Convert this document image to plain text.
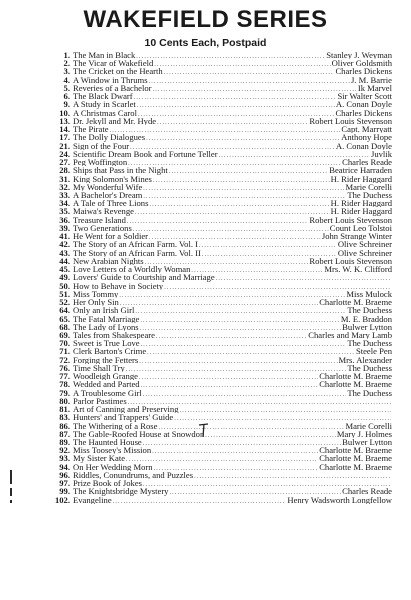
WAKEFIELD SERIES
10 Cents Each, Postpaid
1. The Man in Black .....	Stanley J. Weyman
2. The Vicar of Wakefield .....	Oliver Goldsmith
3. The Cricket on the Hearth .....	Charles Dickens
4. A Window in Thrums .....	J. M. Barrie
5. Reveries of a Bachelor .....	Ik Marvel
6. The Black Dwarf .....	Sir Walter Scott
9. A Study in Scarlet .....	A. Conan Doyle
10. A Christmas Carol .....	Charles Dickens
13. Dr. Jekyll and Mr. Hyde .....	Robert Louis Stevenson
14. The Pirate .....	Capt. Marryatt
17. The Dolly Dialogues .....	Anthony Hope
21. Sign of the Four .....	A. Conan Doyle
24. Scientific Dream Book and Fortune Teller .....	Juvlik
27. Peg Woffington .....	Charles Reade
28. Ships that Pass in the Night .....	Beatrice Harraden
31. King Solomon's Mines .....	H. Rider Haggard
32. My Wonderful Wife .....	Marie Corelli
33. A Bachelor's Dream .....	The Duchess
34. A Tale of Three Lions .....	H. Rider Haggard
35. Maiwa's Revenge .....	H. Rider Haggard
36. Treasure Island .....	Robert Louis Stevenson
39. Two Generations .....	Count Leo Tolstoi
41. He Went for a Soldier .....	John Strange Winter
42. The Story of an African Farm. Vol. I .....	Olive Schreiner
43. The Story of an African Farm. Vol. II .....	Olive Schreiner
44. New Arabian Nights .....	Robert Louis Stevenson
45. Love Letters of a Worldly Woman .....	Mrs. W. K. Clifford
49. Lovers' Guide to Courtship and Marriage
.....
50. How to Behave in Society
.....
51. Miss Tommy .....	Miss Mulock
52. Her Only Sin .....	Charlotte M. Braeme
64. Only an Irish Girl .....	The Duchess
65. The Fatal Marriage .....	M. E. Braddon
68. The Lady of Lyons .....	Bulwer Lytton
69. Tales from Shakespeare .....	Charles and Mary Lamb
70. Sweet is True Love .....	The Duchess
71. Clerk Barton's Crime .....	Steele Pen
72. Forging the Fetters .....	Mrs. Alexander
76. Time Shall Try .....	The Duchess
77. Woodleigh Grange .....	Charlotte M. Braeme
78. Wedded and Parted .....	Charlotte M. Braeme
79. A Troublesome Girl .....	The Duchess
80. Parlor Pastimes
.....
81. Art of Canning and Preserving
.....
83. Hunters' and Trappers' Guide
.....
86. The Withering of a Rose .....	Marie Corelli
87. The Gable-Roofed House at Snowdon .....	Mary J. Holmes
89. The Haunted House .....	Bulwer Lytton
92. Miss Toosey's Mission .....	Charlotte M. Braeme
93. My Sister Kate .....	Charlotte M. Braeme
94. On Her Wedding Morn .....	Charlotte M. Braeme
96. Riddles, Conundrums, and Puzzles
.....
97. Prize Book of Jokes
.....
99. The Knightsbridge Mystery .....	Charles Reade
102. Evangeline .....	Henry Wadsworth Longfellow
